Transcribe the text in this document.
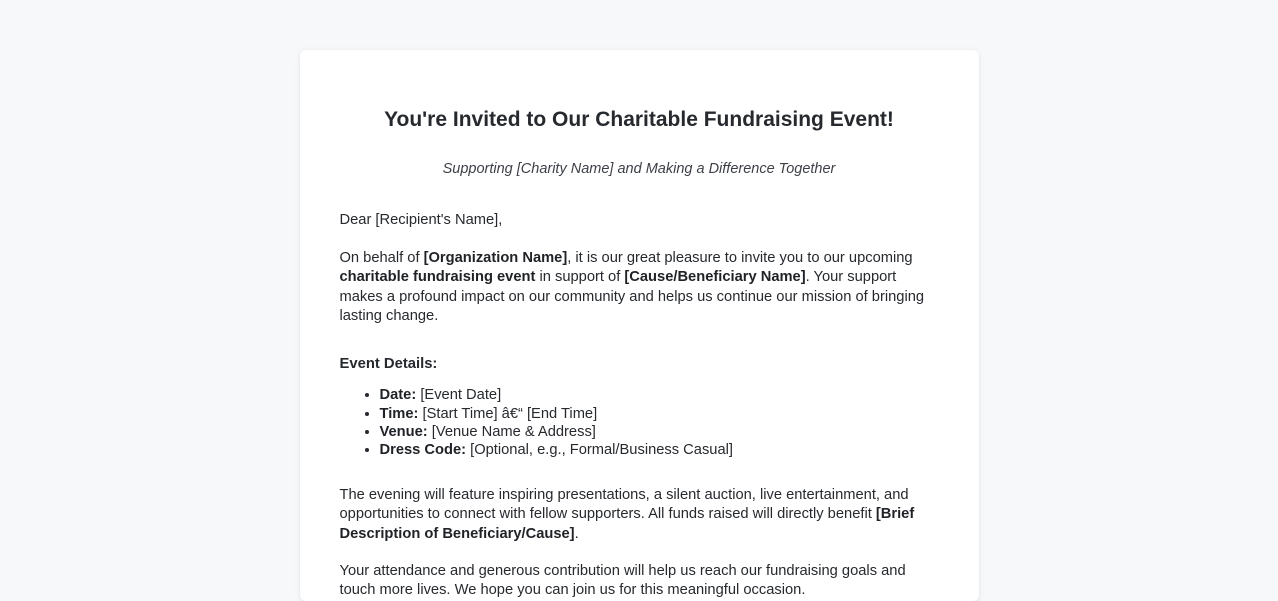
You're Invited to Our Charitable Fundraising Event!
Supporting [Charity Name] and Making a Difference Together

Dear [Recipient's Name],

On behalf of [Organization Name], it is our great pleasure to invite you to our upcoming charitable fundraising event in support of [Cause/Beneficiary Name]. Your support makes a profound impact on our community and helps us continue our mission of bringing lasting change.

Event Details:
• Date: [Event Date]
• Time: [Start Time] â€“ [End Time]
• Venue: [Venue Name & Address]
• Dress Code: [Optional, e.g., Formal/Business Casual]

The evening will feature inspiring presentations, a silent auction, live entertainment, and opportunities to connect with fellow supporters. All funds raised will directly benefit [Brief Description of Beneficiary/Cause].

Your attendance and generous contribution will help us reach our fundraising goals and touch more lives. We hope you can join us for this meaningful occasion.
